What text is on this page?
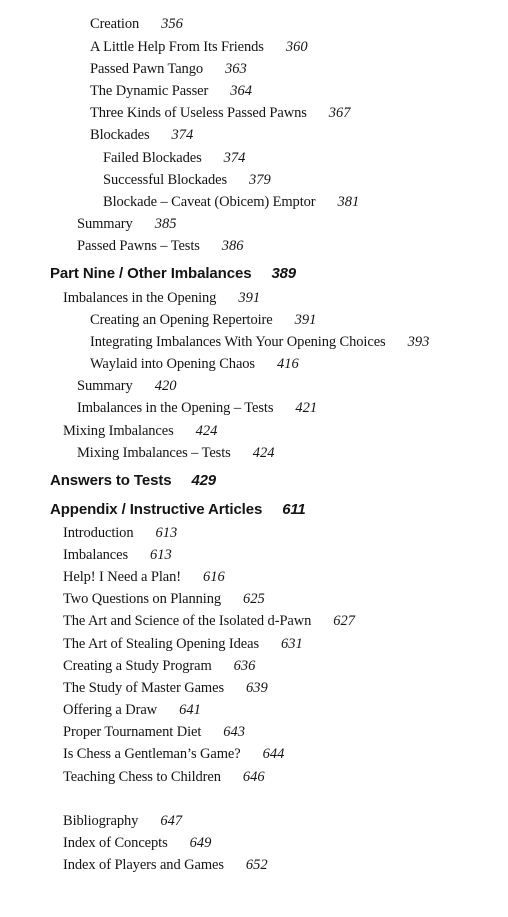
Creation 356
A Little Help From Its Friends 360
Passed Pawn Tango 363
The Dynamic Passer 364
Three Kinds of Useless Passed Pawns 367
Blockades 374
Failed Blockades 374
Successful Blockades 379
Blockade – Caveat (Obicem) Emptor 381
Summary 385
Passed Pawns – Tests 386
Part Nine / Other Imbalances 389
Imbalances in the Opening 391
Creating an Opening Repertoire 391
Integrating Imbalances With Your Opening Choices 393
Waylaid into Opening Chaos 416
Summary 420
Imbalances in the Opening – Tests 421
Mixing Imbalances 424
Mixing Imbalances – Tests 424
Answers to Tests 429
Appendix / Instructive Articles 611
Introduction 613
Imbalances 613
Help! I Need a Plan! 616
Two Questions on Planning 625
The Art and Science of the Isolated d-Pawn 627
The Art of Stealing Opening Ideas 631
Creating a Study Program 636
The Study of Master Games 639
Offering a Draw 641
Proper Tournament Diet 643
Is Chess a Gentleman’s Game? 644
Teaching Chess to Children 646
Bibliography 647
Index of Concepts 649
Index of Players and Games 652
